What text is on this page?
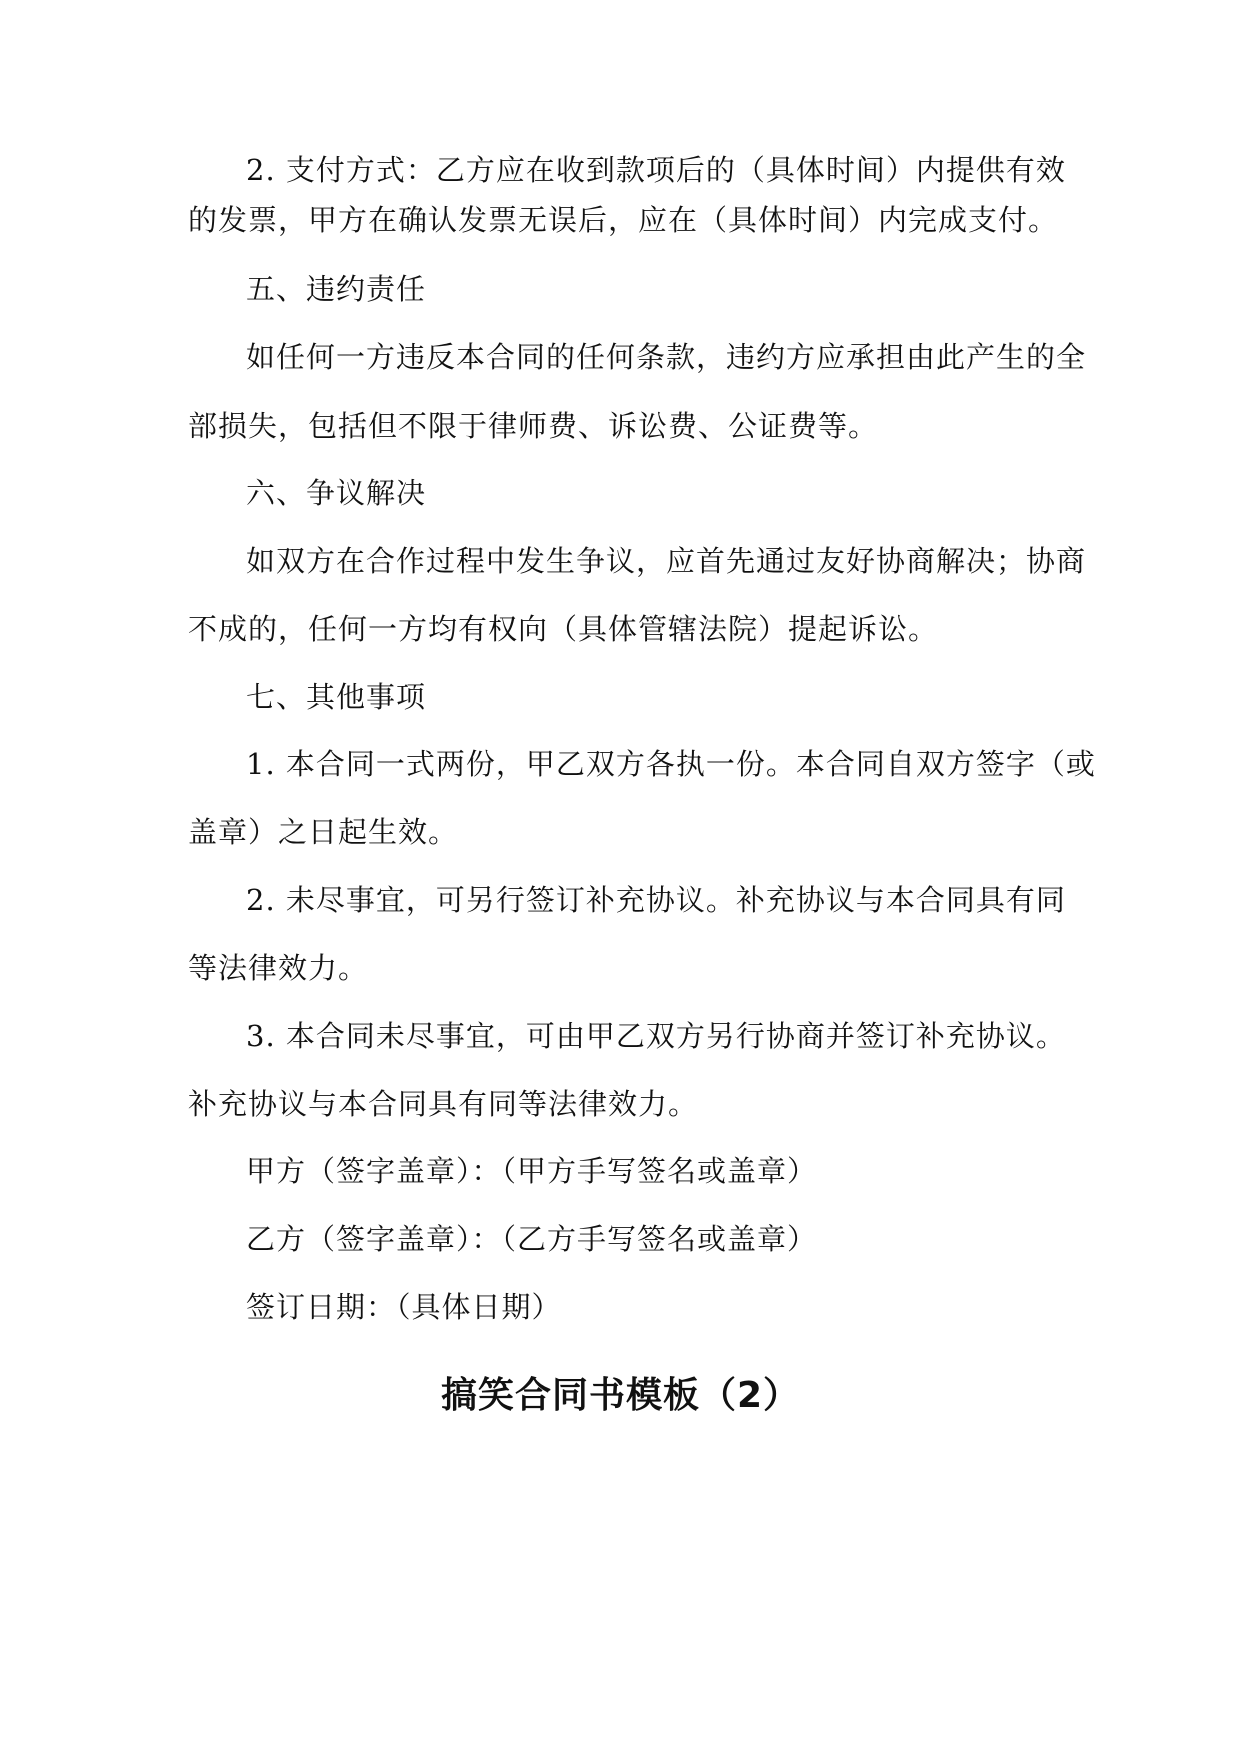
2. 支付方式：乙方应在收到款项后的（具体时间）内提供有效
的发票，甲方在确认发票无误后，应在（具体时间）内完成支付。
五、违约责任
如任何一方违反本合同的任何条款，违约方应承担由此产生的全
部损失，包括但不限于律师费、诉讼费、公证费等。
六、争议解决
如双方在合作过程中发生争议，应首先通过友好协商解决；协商
不成的，任何一方均有权向（具体管辖法院）提起诉讼。
七、其他事项
1. 本合同一式两份，甲乙双方各执一份。本合同自双方签字（或
盖章）之日起生效。
2. 未尽事宜，可另行签订补充协议。补充协议与本合同具有同
等法律效力。
3. 本合同未尽事宜，可由甲乙双方另行协商并签订补充协议。
补充协议与本合同具有同等法律效力。
甲方（签字盖章）：（甲方手写签名或盖章）
乙方（签字盖章）：（乙方手写签名或盖章）
签订日期：（具体日期）
搞笑合同书模板（2）
